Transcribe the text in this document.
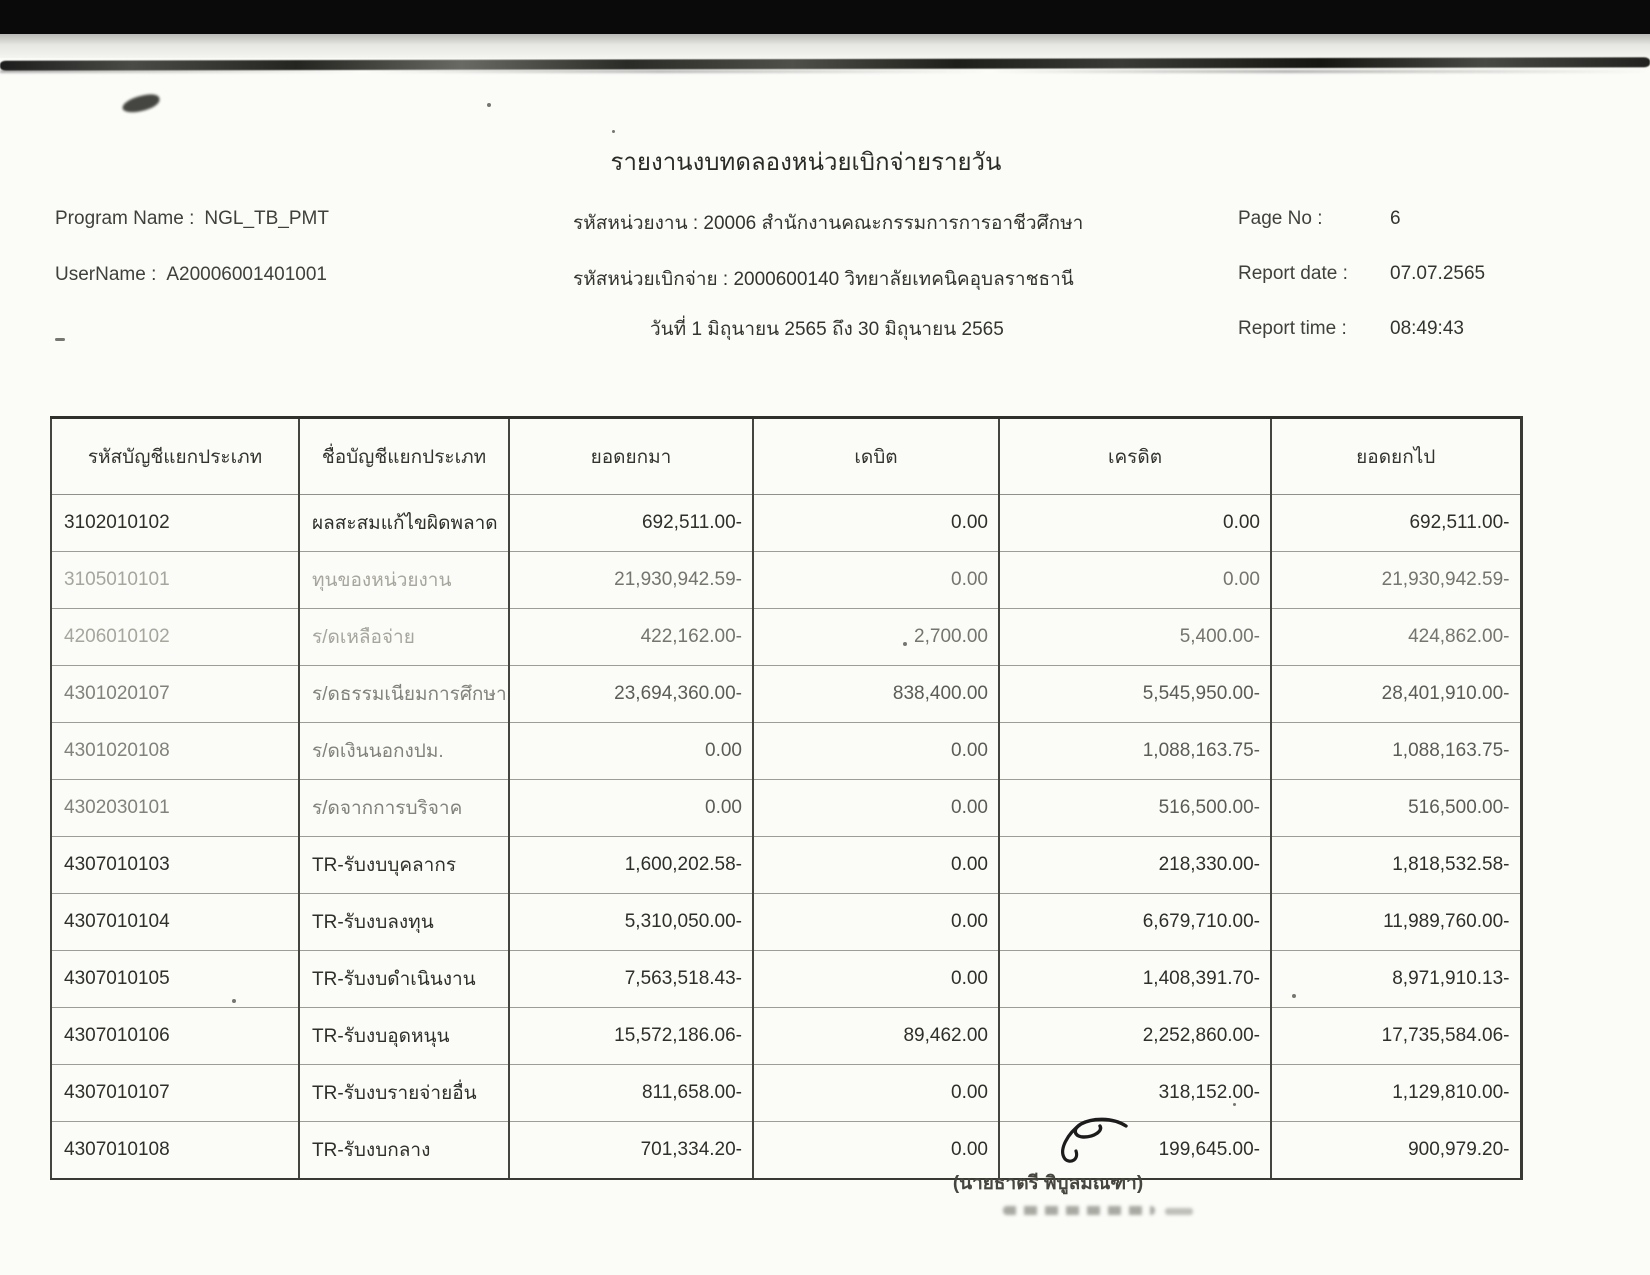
รายงานงบทดลองหน่วยเบิกจ่ายรายวัน
Program Name : NGL_TB_PMT
UserName : A20006001401001
รหัสหน่วยงาน : 20006 สำนักงานคณะกรรมการการอาชีวศึกษา
รหัสหน่วยเบิกจ่าย : 2000600140 วิทยาลัยเทคนิคอุบลราชธานี
วันที่ 1 มิถุนายน 2565 ถึง 30 มิถุนายน 2565
Page No :	6
Report date : 07.07.2565
Report time : 08:49:43
รหัสบัญชีแยกประเภท	ชื่อบัญชีแยกประเภท	ยอดยกมา	เดบิต	เครดิต	ยอดยกไป
3102010102	ผลสะสมแก้ไขผิดพลาด	692,511.00-	0.00	0.00	692,511.00-
3105010101	ทุนของหน่วยงาน	21,930,942.59-	0.00	0.00	21,930,942.59-
4206010102	ร/ดเหลือจ่าย	422,162.00-	2,700.00	5,400.00-	424,862.00-
4301020107	ร/ดธรรมเนียมการศึกษา	23,694,360.00-	838,400.00	5,545,950.00-	28,401,910.00-
4301020108	ร/ดเงินนอกงปม.	0.00	0.00	1,088,163.75-	1,088,163.75-
4302030101	ร/ดจากการบริจาค	0.00	0.00	516,500.00-	516,500.00-
4307010103	TR-รับงบบุคลากร	1,600,202.58-	0.00	218,330.00-	1,818,532.58-
4307010104	TR-รับงบลงทุน	5,310,050.00-	0.00	6,679,710.00-	11,989,760.00-
4307010105	TR-รับงบดำเนินงาน	7,563,518.43-	0.00	1,408,391.70-	8,971,910.13-
4307010106	TR-รับงบอุดหนุน	15,572,186.06-	89,462.00	2,252,860.00-	17,735,584.06-
4307010107	TR-รับงบรายจ่ายอื่น	811,658.00-	0.00	318,152.00-	1,129,810.00-
4307010108	TR-รับงบกลาง	701,334.20-	0.00	199,645.00-	900,979.20-
(นายธาตรี พิบูลมณฑา)
